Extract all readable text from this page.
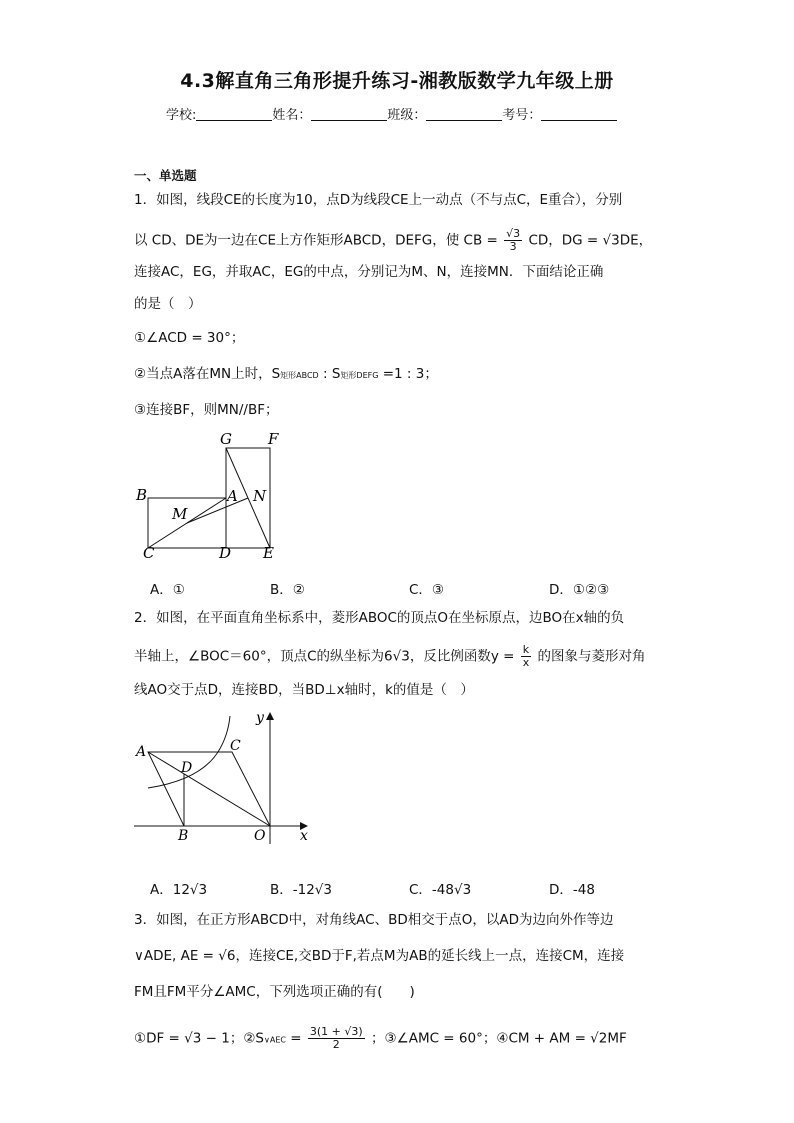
4.3解直角三角形提升练习-湘教版数学九年级上册
学校:	姓名：	班级：	考号：
一、单选题
1．如图，线段CE的长度为10，点D为线段CE上一动点（不与点C，E重合），分别
以 CD、DE为一边在CE上方作矩形ABCD，DEFG，使 CB = $\frac{√3}{3}$ CD，DG = √3DE，
连接AC，EG，并取AC，EG的中点，分别记为M、N，连接MN．下面结论正确
的是（　）
①∠ACD = 30°；
②当点A落在MN上时，S矩形ABCD : S矩形DEFG =1 : 3；
③连接BF，则MN//BF；
G F
B	A N
M
C	D E
A．①	B．②	C．③	D．①②③
2．如图，在平面直角坐标系中，菱形ABOC的顶点O在坐标原点，边BO在x轴的负
半轴上，∠BOC＝60°，顶点C的纵坐标为6√3，反比例函数$y = \frac{k}{x}$ 的图象与菱形对角
线AO交于点D，连接BD，当BD⊥x轴时，k的值是（　）
y
A	C
D
B	O x
A．12√3	B．-12√3	C．-48√3	D．-48
3．如图，在正方形ABCD中，对角线AC、BD相交于点O，以AD为边向外作等边
∨ADE, AE = √6，连接CE,交BD于F,若点M为AB的延长线上一点，连接CM，连接
FM且FM平分∠AMC，下列选项正确的有(　　)
①DF = √3 − 1；②S∨AEC = $\frac{3(1 + √3)}{2}$ ；③∠AMC = 60°；④CM + AM = √2MF
